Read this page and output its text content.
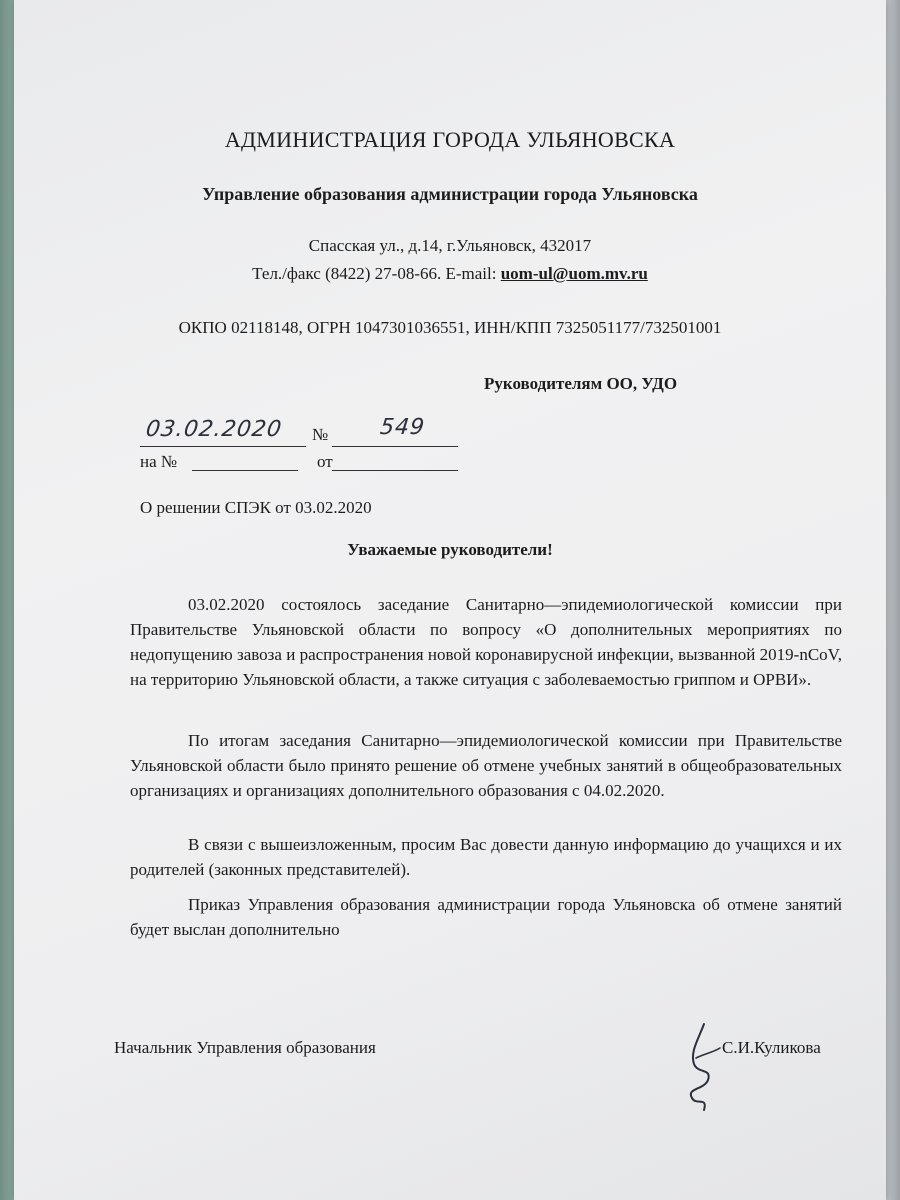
АДМИНИСТРАЦИЯ ГОРОДА УЛЬЯНОВСКА
Управление образования администрации города Ульяновска
Спасская ул., д.14, г.Ульяновск, 432017
Тел./факс (8422) 27-08-66. E-mail: uom-ul@uom.mv.ru
ОКПО 02118148, ОГРН 1047301036551, ИНН/КПП 7325051177/732501001
Руководителям ОО, УДО
03.02.2020 № 549
на №	от
О решении СПЭК от 03.02.2020
Уважаемые руководители!

03.02.2020 состоялось заседание Санитарно—эпидемиологической комиссии при Правительстве Ульяновской области по вопросу «О дополнительных мероприятиях по недопущению завоза и распространения новой коронавирусной инфекции, вызванной 2019-nCoV, на территорию Ульяновской области, а также ситуация с заболеваемостью гриппом и ОРВИ».

По итогам заседания Санитарно—эпидемиологической комиссии при Правительстве Ульяновской области было принято решение об отмене учебных занятий в общеобразовательных организациях и организациях дополнительного образования с 04.02.2020.

В связи с вышеизложенным, просим Вас довести данную информацию до учащихся и их родителей (законных представителей).

Приказ Управления образования администрации города Ульяновска об отмене занятий будет выслан дополнительно

Начальник Управления образования	С.И.Куликова
